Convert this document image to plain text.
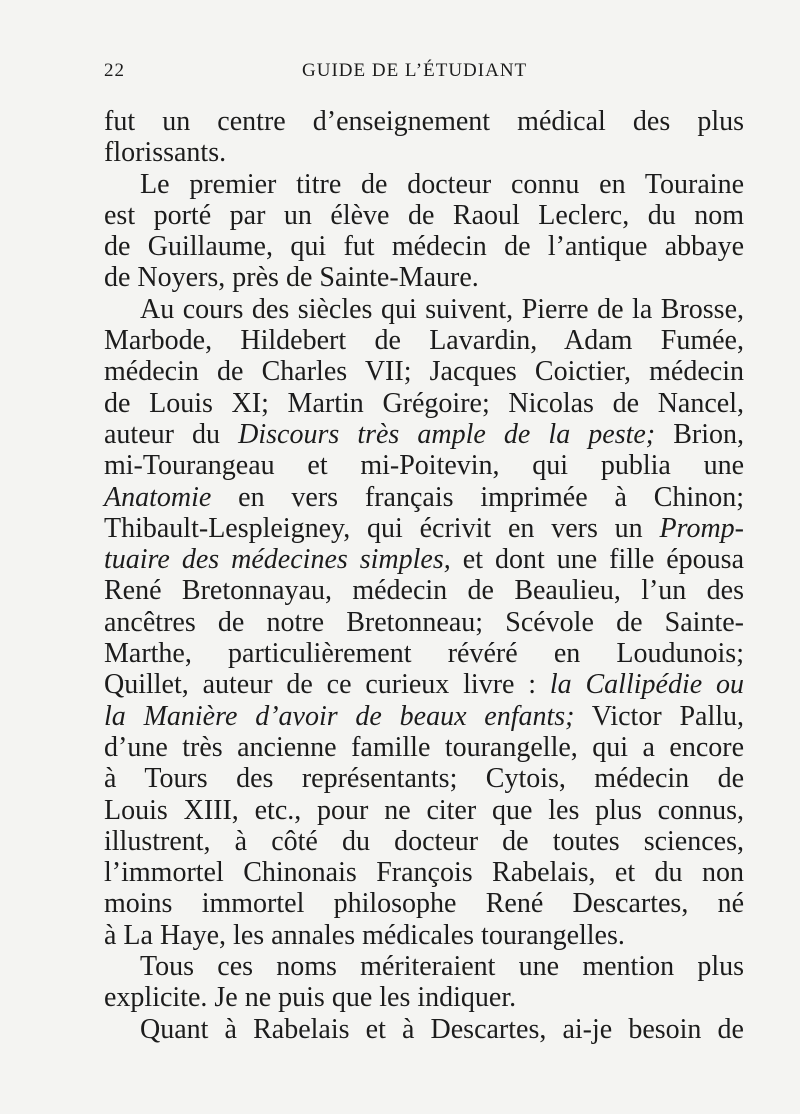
22	GUIDE DE L’ÉTUDIANT
fut un centre d’enseignement médical des plus
florissants.
Le premier titre de docteur connu en Touraine
est porté par un élève de Raoul Leclerc, du nom
de Guillaume, qui fut médecin de l’antique abbaye
de Noyers, près de Sainte-Maure.
Au cours des siècles qui suivent, Pierre de la Brosse,
Marbode, Hildebert de Lavardin, Adam Fumée,
médecin de Charles VII; Jacques Coictier, médecin
de Louis XI; Martin Grégoire; Nicolas de Nancel,
auteur du Discours très ample de la peste; Brion,
mi-Tourangeau et mi-Poitevin, qui publia une
Anatomie en vers français imprimée à Chinon;
Thibault-Lespleigney, qui écrivit en vers un Promp-
tuaire des médecines simples, et dont une fille épousa
René Bretonnayau, médecin de Beaulieu, l’un des
ancêtres de notre Bretonneau; Scévole de Sainte-
Marthe, particulièrement révéré en Loudunois;
Quillet, auteur de ce curieux livre : la Callipédie ou
la Manière d’avoir de beaux enfants; Victor Pallu,
d’une très ancienne famille tourangelle, qui a encore
à Tours des représentants; Cytois, médecin de
Louis XIII, etc., pour ne citer que les plus connus,
illustrent, à côté du docteur de toutes sciences,
l’immortel Chinonais François Rabelais, et du non
moins immortel philosophe René Descartes, né
à La Haye, les annales médicales tourangelles.
Tous ces noms mériteraient une mention plus
explicite. Je ne puis que les indiquer.
Quant à Rabelais et à Descartes, ai-je besoin de
